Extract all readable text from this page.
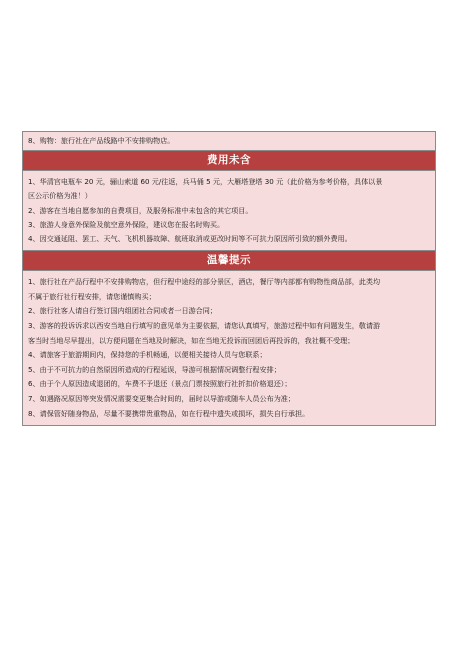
8、购物：旅行社在产品线路中不安排购物店。
费用未含
1、华清宫电瓶车 20 元，骊山索道 60 元/往返，兵马俑 5 元，大雁塔登塔 30 元（此价格为参考价格，具体以景
区公示价格为准！）
2、游客在当地自愿参加的自费项目，及服务标准中未包含的其它项目。
3、旅游人身意外保险及航空意外保险，建议您在报名时购买。
4、因交通延阻、罢工、天气、飞机机器故障、航班取消或更改时间等不可抗力原因所引致的额外费用。
温馨提示
1、旅行社在产品行程中不安排购物店，但行程中途经的部分景区，酒店，餐厅等内部都有购物性商品部，此类均
不属于旅行社行程安排，请您谨慎购买；
2、旅行社客人请自行签订国内组团社合同或者一日游合同；
3、游客的投诉诉求以西安当地自行填写的意见单为主要依据，请您认真填写，旅游过程中如有问题发生，敬请游
客当时当地尽早提出，以方便问题在当地及时解决，如在当地无投诉而回团后再投诉的，我社概不受理；
4、请旅客于旅游期间内，保持您的手机畅通，以便相关接待人员与您联系；
5、由于不可抗力的自然原因所造成的行程延误，导游可根据情况调整行程安排；
6、由于个人原因造成退团的，车费不予退还（景点门票按照旅行社折扣价格退还）；
7、如遇路况原因等突发情况需要变更集合时间的，届时以导游或随车人员公布为准；
8、请保管好随身物品，尽量不要携带贵重物品，如在行程中遗失或损坏，损失自行承担。
